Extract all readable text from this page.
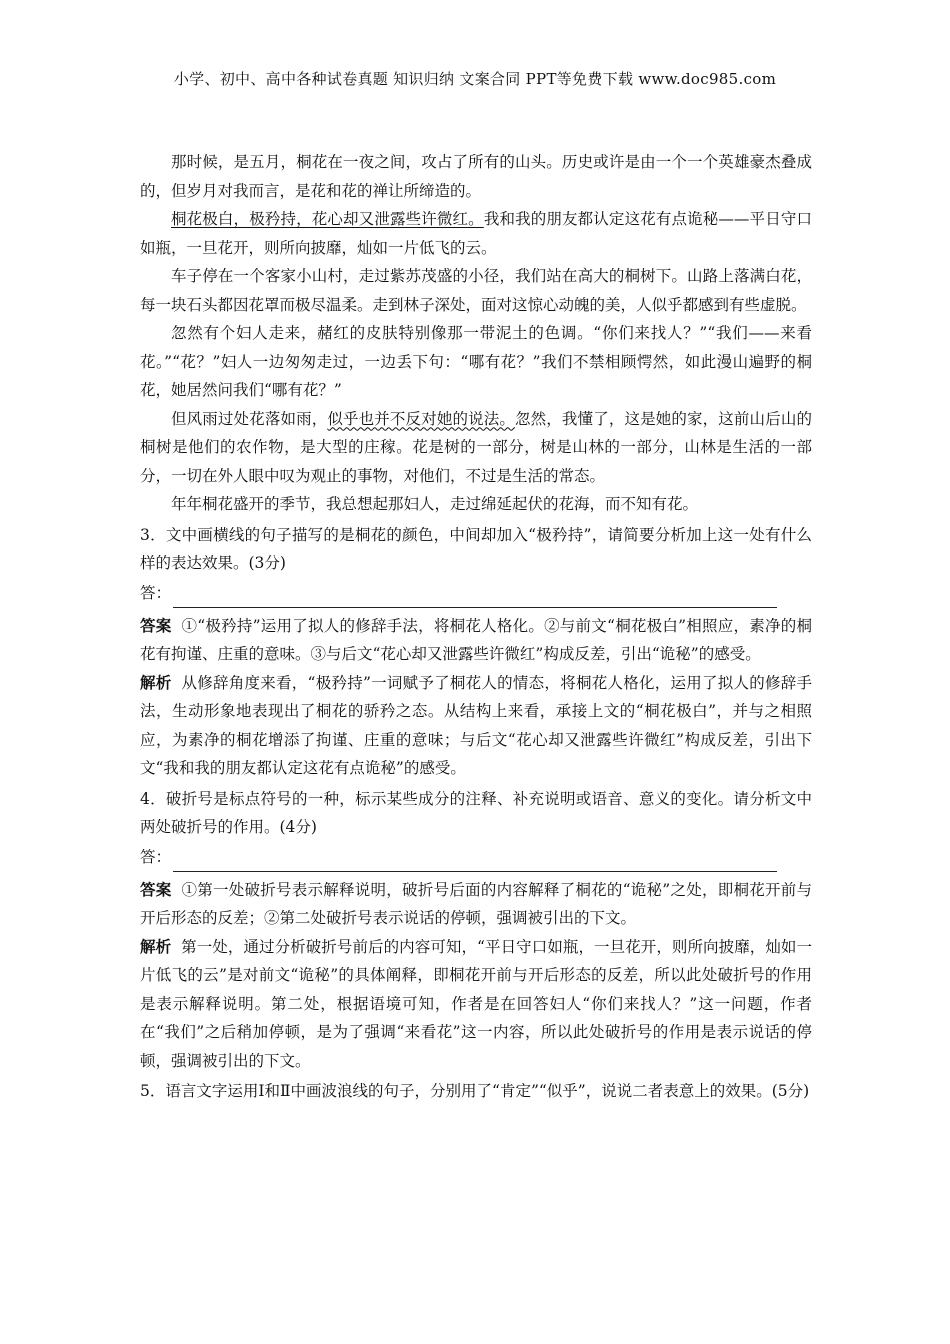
小学、初中、高中各种试卷真题 知识归纳 文案合同 PPT等免费下载 www.doc985.com

那时候，是五月，桐花在一夜之间，攻占了所有的山头。历史或许是由一个一个英雄豪杰叠成的，但岁月对我而言，是花和花的禅让所缔造的。

桐花极白，极矜持，花心却又泄露些许微红。我和我的朋友都认定这花有点诡秘——平日守口如瓶，一旦花开，则所向披靡，灿如一片低飞的云。

车子停在一个客家小山村，走过紫苏茂盛的小径，我们站在高大的桐树下。山路上落满白花，每一块石头都因花罩而极尽温柔。走到林子深处，面对这惊心动魄的美，人似乎都感到有些虚脱。

忽然有个妇人走来，赭红的皮肤特别像那一带泥土的色调。“你们来找人？”“我们——来看花。”“花？”妇人一边匆匆走过，一边丢下句：“哪有花？”我们不禁相顾愕然，如此漫山遍野的桐花，她居然问我们“哪有花？”

但风雨过处花落如雨，似乎也并不反对她的说法。忽然，我懂了，这是她的家，这前山后山的桐树是他们的农作物，是大型的庄稼。花是树的一部分，树是山林的一部分，山林是生活的一部分，一切在外人眼中叹为观止的事物，对他们，不过是生活的常态。

年年桐花盛开的季节，我总想起那妇人，走过绵延起伏的花海，而不知有花。

3．文中画横线的句子描写的是桐花的颜色，中间却加入“极矜持”，请简要分析加上这一处有什么样的表达效果。(3分)

答：

答案 ①“极矜持”运用了拟人的修辞手法，将桐花人格化。②与前文“桐花极白”相照应，素净的桐花有拘谨、庄重的意味。③与后文“花心却又泄露些许微红”构成反差，引出“诡秘”的感受。

解析 从修辞角度来看，“极矜持”一词赋予了桐花人的情态，将桐花人格化，运用了拟人的修辞手法，生动形象地表现出了桐花的骄矜之态。从结构上来看，承接上文的“桐花极白”，并与之相照应，为素净的桐花增添了拘谨、庄重的意味；与后文“花心却又泄露些许微红”构成反差，引出下文“我和我的朋友都认定这花有点诡秘”的感受。

4．破折号是标点符号的一种，标示某些成分的注释、补充说明或语音、意义的变化。请分析文中两处破折号的作用。(4分)

答：

答案 ①第一处破折号表示解释说明，破折号后面的内容解释了桐花的“诡秘”之处，即桐花开前与开后形态的反差；②第二处破折号表示说话的停顿，强调被引出的下文。

解析 第一处，通过分析破折号前后的内容可知，“平日守口如瓶，一旦花开，则所向披靡，灿如一片低飞的云”是对前文“诡秘”的具体阐释，即桐花开前与开后形态的反差，所以此处破折号的作用是表示解释说明。第二处，根据语境可知，作者是在回答妇人“你们来找人？”这一问题，作者在“我们”之后稍加停顿，是为了强调“来看花”这一内容，所以此处破折号的作用是表示说话的停顿，强调被引出的下文。

5．语言文字运用Ⅰ和Ⅱ中画波浪线的句子，分别用了“肯定”“似乎”，说说二者表意上的效果。(5分)
